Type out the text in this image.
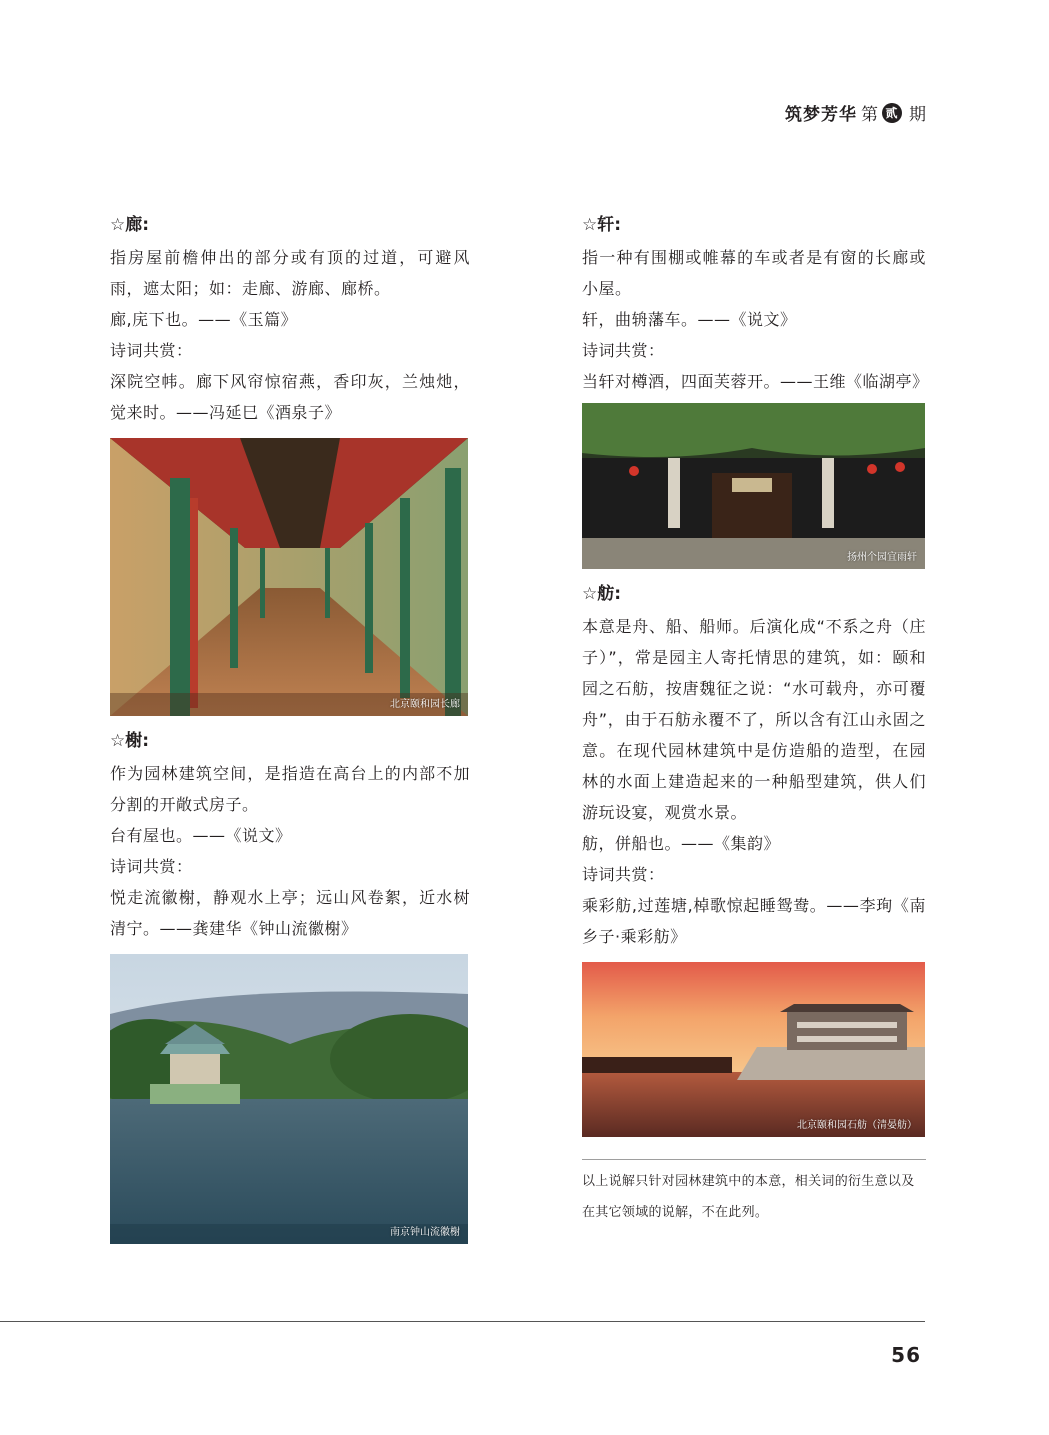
筑梦芳华 第 贰 期
☆廊:

指房屋前檐伸出的部分或有顶的过道，可避风雨，遮太阳；如：走廊、游廊、廊桥。

廊,庑下也。——《玉篇》

诗词共赏：

深院空帏。廊下风帘惊宿燕，香印灰，兰烛灺，觉来时。——冯延巳《酒泉子》

北京颐和园长廊
☆榭:

作为园林建筑空间，是指造在高台上的内部不加分割的开敞式房子。

台有屋也。——《说文》

诗词共赏：

悦走流徽榭，静观水上亭；远山风卷絮，近水树清宁。——龚建华《钟山流徽榭》

南京钟山流徽榭
☆轩:

指一种有围棚或帷幕的车或者是有窗的长廊或小屋。

轩，曲辀藩车。——《说文》

诗词共赏：

当轩对樽酒，四面芙蓉开。——王维《临湖亭》

扬州个园宜雨轩
☆舫:

本意是舟、船、船师。后演化成“不系之舟（庄子）”，常是园主人寄托情思的建筑，如：颐和园之石舫，按唐魏征之说：“水可载舟，亦可覆舟”，由于石舫永覆不了，所以含有江山永固之意。在现代园林建筑中是仿造船的造型，在园林的水面上建造起来的一种船型建筑，供人们游玩设宴，观赏水景。

舫，併船也。——《集韵》

诗词共赏：

乘彩舫,过莲塘,棹歌惊起睡鸳鸯。——李珣《南乡子·乘彩舫》

北京颐和园石舫（清晏舫）

以上说解只针对园林建筑中的本意，相关词的衍生意以及在其它领域的说解，不在此列。

56
